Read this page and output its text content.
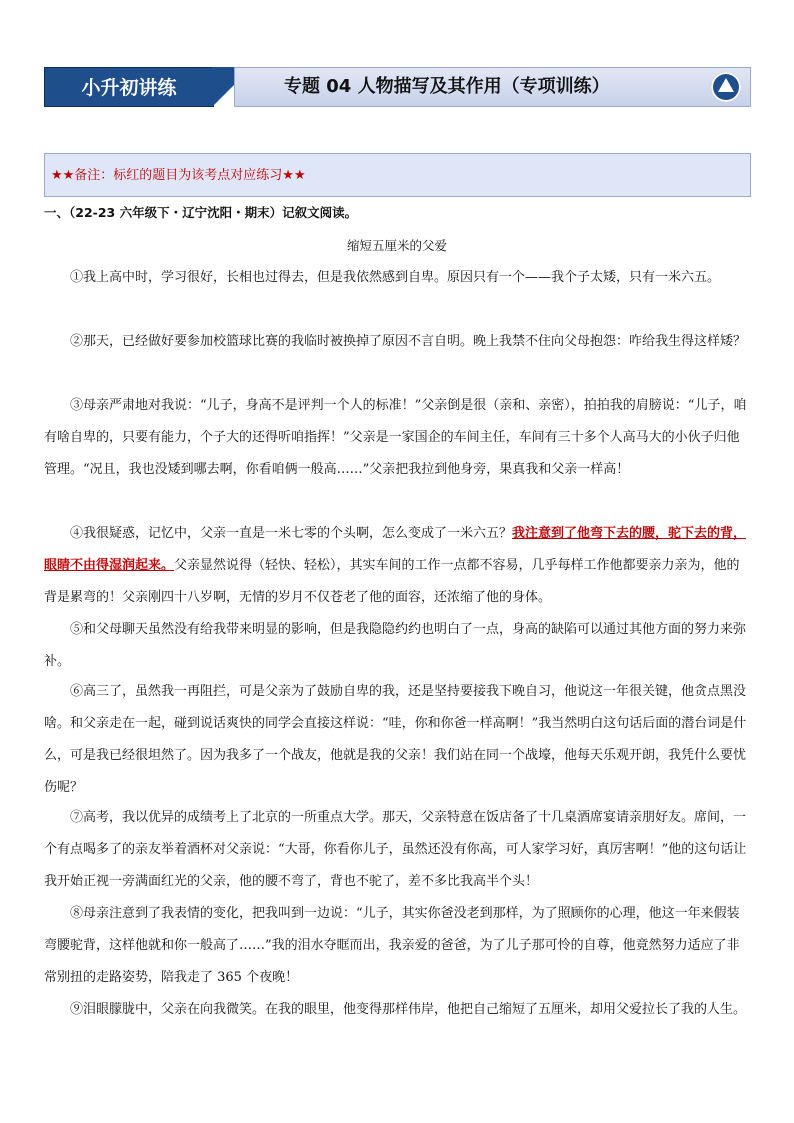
小升初讲练	专题 04 人物描写及其作用（专项训练）
★★备注：标红的题目为该考点对应练习★★
一、（22-23 六年级下・辽宁沈阳・期末）记叙文阅读。
缩短五厘米的父爱

①我上高中时，学习很好，长相也过得去，但是我依然感到自卑。原因只有一个——我个子太矮，只有一米六五。

②那天，已经做好要参加校篮球比赛的我临时被换掉了原因不言自明。晚上我禁不住向父母抱怨：咋给我生得这样矮？

③母亲严肃地对我说：“儿子，身高不是评判一个人的标准！”父亲倒是很（亲和、亲密），拍拍我的肩膀说：“儿子，咱有啥自卑的，只要有能力，个子大的还得听咱指挥！”父亲是一家国企的车间主任，车间有三十多个人高马大的小伙子归他管理。“况且，我也没矮到哪去啊，你看咱俩一般高……”父亲把我拉到他身旁，果真我和父亲一样高！

④我很疑惑，记忆中，父亲一直是一米七零的个头啊，怎么变成了一米六五？我注意到了他弯下去的腰，驼下去的背，眼睛不由得湿润起来。父亲显然说得（轻快、轻松），其实车间的工作一点都不容易，几乎每样工作他都要亲力亲为，他的背是累弯的！父亲刚四十八岁啊，无情的岁月不仅苍老了他的面容，还浓缩了他的身体。

⑤和父母聊天虽然没有给我带来明显的影响，但是我隐隐约约也明白了一点，身高的缺陷可以通过其他方面的努力来弥补。

⑥高三了，虽然我一再阻拦，可是父亲为了鼓励自卑的我，还是坚持要接我下晚自习，他说这一年很关键，他贪点黑没啥。和父亲走在一起，碰到说话爽快的同学会直接这样说：“哇，你和你爸一样高啊！”我当然明白这句话后面的潜台词是什么，可是我已经很坦然了。因为我多了一个战友，他就是我的父亲！我们站在同一个战壕，他每天乐观开朗，我凭什么要忧伤呢？

⑦高考，我以优异的成绩考上了北京的一所重点大学。那天，父亲特意在饭店备了十几桌酒席宴请亲朋好友。席间，一个有点喝多了的亲友举着酒杯对父亲说：“大哥，你看你儿子，虽然还没有你高，可人家学习好，真厉害啊！”他的这句话让我开始正视一旁满面红光的父亲，他的腰不弯了，背也不驼了，差不多比我高半个头！

⑧母亲注意到了我表情的变化，把我叫到一边说：“儿子，其实你爸没老到那样，为了照顾你的心理，他这一年来假装弯腰驼背，这样他就和你一般高了……”我的泪水夺眶而出，我亲爱的爸爸，为了儿子那可怜的自尊，他竟然努力适应了非常别扭的走路姿势，陪我走了 365 个夜晚！

⑨泪眼朦胧中，父亲在向我微笑。在我的眼里，他变得那样伟岸，他把自己缩短了五厘米，却用父爱拉长了我的人生。
